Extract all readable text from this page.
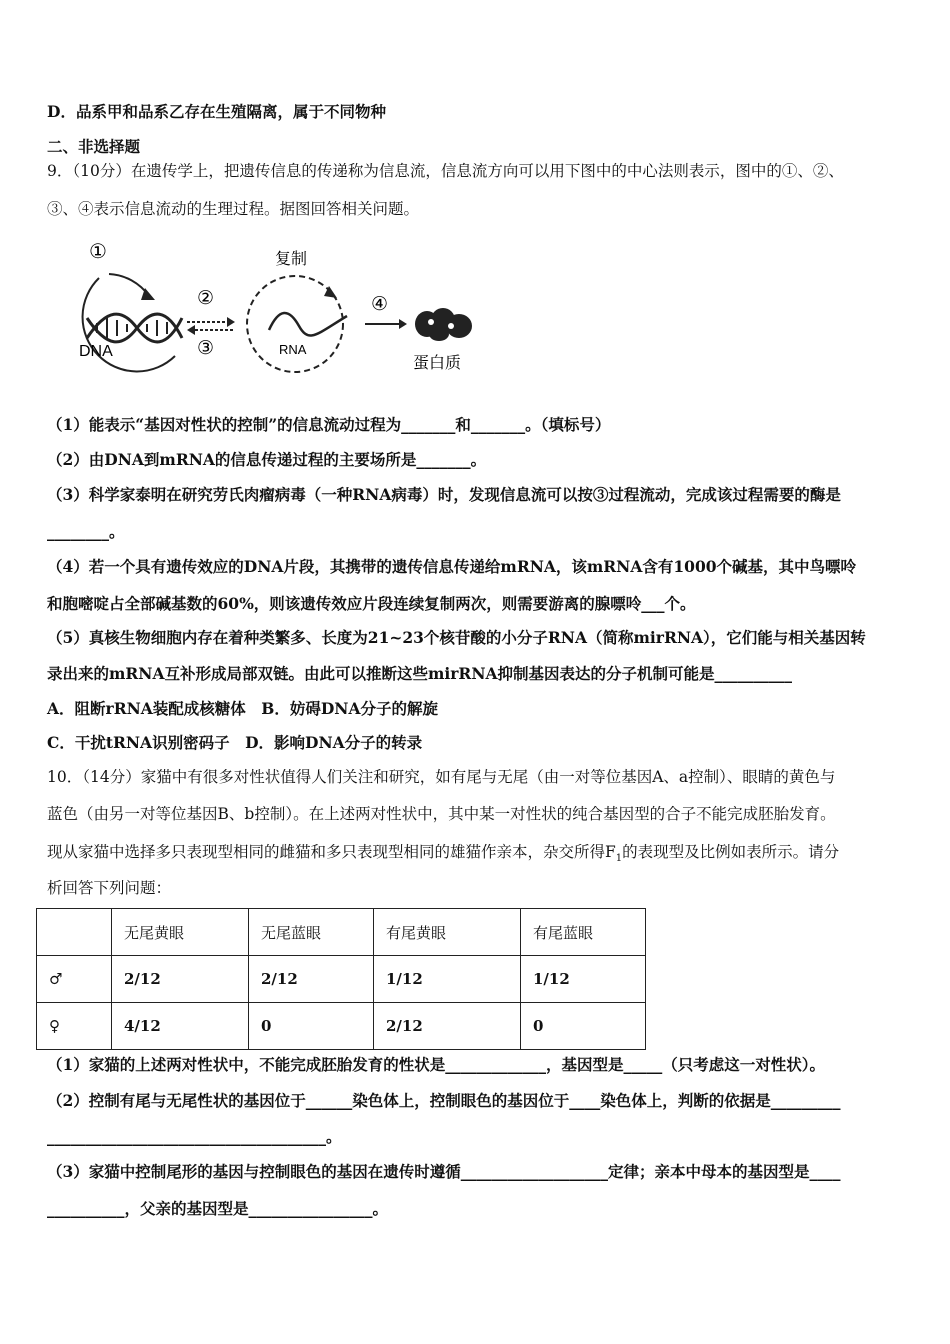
D．品系甲和品系乙存在生殖隔离，属于不同物种
二、非选择题
9．（10分）在遗传学上，把遗传信息的传递称为信息流，信息流方向可以用下图中的中心法则表示，图中的①、②、
③、④表示信息流动的生理过程。据图回答相关问题。
①
DNA
②
③
复制
RNA
④
蛋白质
（1）能表示“基因对性状的控制”的信息流动过程为_______和_______。（填标号）
（2）由DNA到mRNA的信息传递过程的主要场所是_______。
（3）科学家泰明在研究劳氏肉瘤病毒（一种RNA病毒）时，发现信息流可以按③过程流动，完成该过程需要的酶是
________。
（4）若一个具有遗传效应的DNA片段，其携带的遗传信息传递给mRNA，该mRNA含有1000个碱基，其中鸟嘌呤
和胞嘧啶占全部碱基数的60%，则该遗传效应片段连续复制两次，则需要游离的腺嘌呤___个。
（5）真核生物细胞内存在着种类繁多、长度为21~23个核苷酸的小分子RNA（简称mirRNA），它们能与相关基因转
录出来的mRNA互补形成局部双链。由此可以推断这些mirRNA抑制基因表达的分子机制可能是__________
A．阻断rRNA装配成核糖体　B．妨碍DNA分子的解旋
C．干扰tRNA识别密码子　D．影响DNA分子的转录
10．（14分）家猫中有很多对性状值得人们关注和研究，如有尾与无尾（由一对等位基因A、a控制）、眼睛的黄色与
蓝色（由另一对等位基因B、b控制）。在上述两对性状中，其中某一对性状的纯合基因型的合子不能完成胚胎发育。
现从家猫中选择多只表现型相同的雌猫和多只表现型相同的雄猫作亲本，杂交所得$F_1$的表现型及比例如表所示。请分
析回答下列问题：
	无尾黄眼	无尾蓝眼	有尾黄眼	有尾蓝眼
♂	2/12	2/12	1/12	1/12
♀	4/12	0	2/12	0
（1）家猫的上述两对性状中，不能完成胚胎发育的性状是_____________，基因型是_____（只考虑这一对性状）。
（2）控制有尾与无尾性状的基因位于______染色体上，控制眼色的基因位于____染色体上，判断的依据是_________
____________________________________。
（3）家猫中控制尾形的基因与控制眼色的基因在遗传时遵循___________________定律；亲本中母本的基因型是____
__________，父亲的基因型是________________。
